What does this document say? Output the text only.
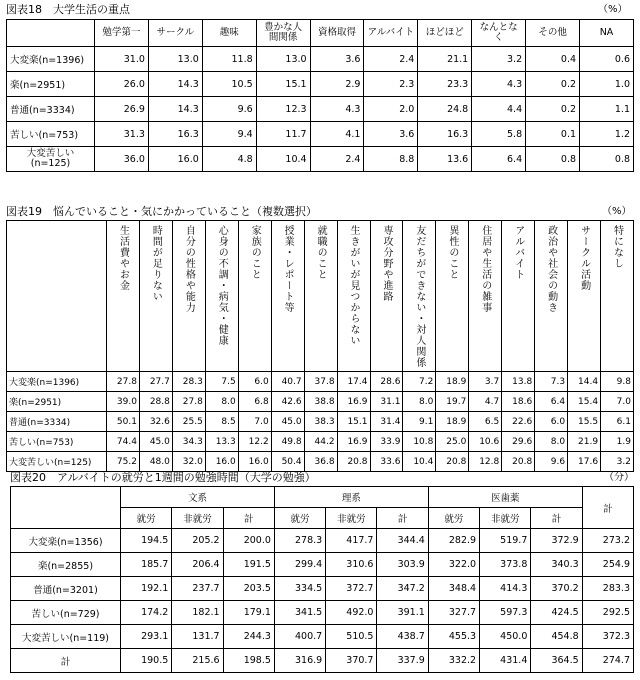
図表18　大学生活の重点	（%）
	勉学第一	サークル	趣味	豊かな人間関係	資格取得	アルバイト	ほどほど	なんとなく	その他	NA
大変楽(n=1396)	31.0	13.0	11.8	13.0	3.6	2.4	21.1	3.2	0.4	0.6
楽(n=2951)	26.0	14.3	10.5	15.1	2.9	2.3	23.3	4.3	0.2	1.0
普通(n=3334)	26.9	14.3	9.6	12.3	4.3	2.0	24.8	4.4	0.2	1.1
苦しい(n=753)	31.3	16.3	9.4	11.7	4.1	3.6	16.3	5.8	0.1	1.2
大変苦しい(n=125)	36.0	16.0	4.8	10.4	2.4	8.8	13.6	6.4	0.8	0.8
図表19　悩んでいること・気にかかっていること（複数選択）	（%）
	生活費やお金	時間が足りない	自分の性格や能力	心身の不調・病気・健康	家族のこと	授業・レポート等	就職のこと	生きがいが見つからない	専攻分野や進路	友だちができない・対人関係	異性のこと	住居や生活の雑事	アルバイト	政治や社会の動き	サークル活動	特になし
大変楽(n=1396)	27.8	27.7	28.3	7.5	6.0	40.7	37.8	17.4	28.6	7.2	18.9	3.7	13.8	7.3	14.4	9.8
楽(n=2951)	39.0	28.8	27.8	8.0	6.8	42.6	38.8	16.9	31.1	8.0	19.7	4.7	18.6	6.4	15.4	7.0
普通(n=3334)	50.1	32.6	25.5	8.5	7.0	45.0	38.3	15.1	31.4	9.1	18.9	6.5	22.6	6.0	15.5	6.1
苦しい(n=753)	74.4	45.0	34.3	13.3	12.2	49.8	44.2	16.9	33.9	10.8	25.0	10.6	29.6	8.0	21.9	1.9
大変苦しい(n=125)	75.2	48.0	32.0	16.0	16.0	50.4	36.8	20.8	33.6	10.4	20.8	12.8	20.8	9.6	17.6	3.2
図表20　アルバイトの就労と1週間の勉強時間（大学の勉強）	（分）
	文系			理系			医歯薬			計
	就労	非就労	計	就労	非就労	計	就労	非就労	計	
大変楽(n=1356)	194.5	205.2	200.0	278.3	417.7	344.4	282.9	519.7	372.9	273.2
楽(n=2855)	185.7	206.4	191.5	299.4	310.6	303.9	322.0	373.8	340.3	254.9
普通(n=3201)	192.1	237.7	203.5	334.5	372.7	347.2	348.4	414.3	370.2	283.3
苦しい(n=729)	174.2	182.1	179.1	341.5	492.0	391.1	327.7	597.3	424.5	292.5
大変苦しい(n=119)	293.1	131.7	244.3	400.7	510.5	438.7	455.3	450.0	454.8	372.3
計	190.5	215.6	198.5	316.9	370.7	337.9	332.2	431.4	364.5	274.7
